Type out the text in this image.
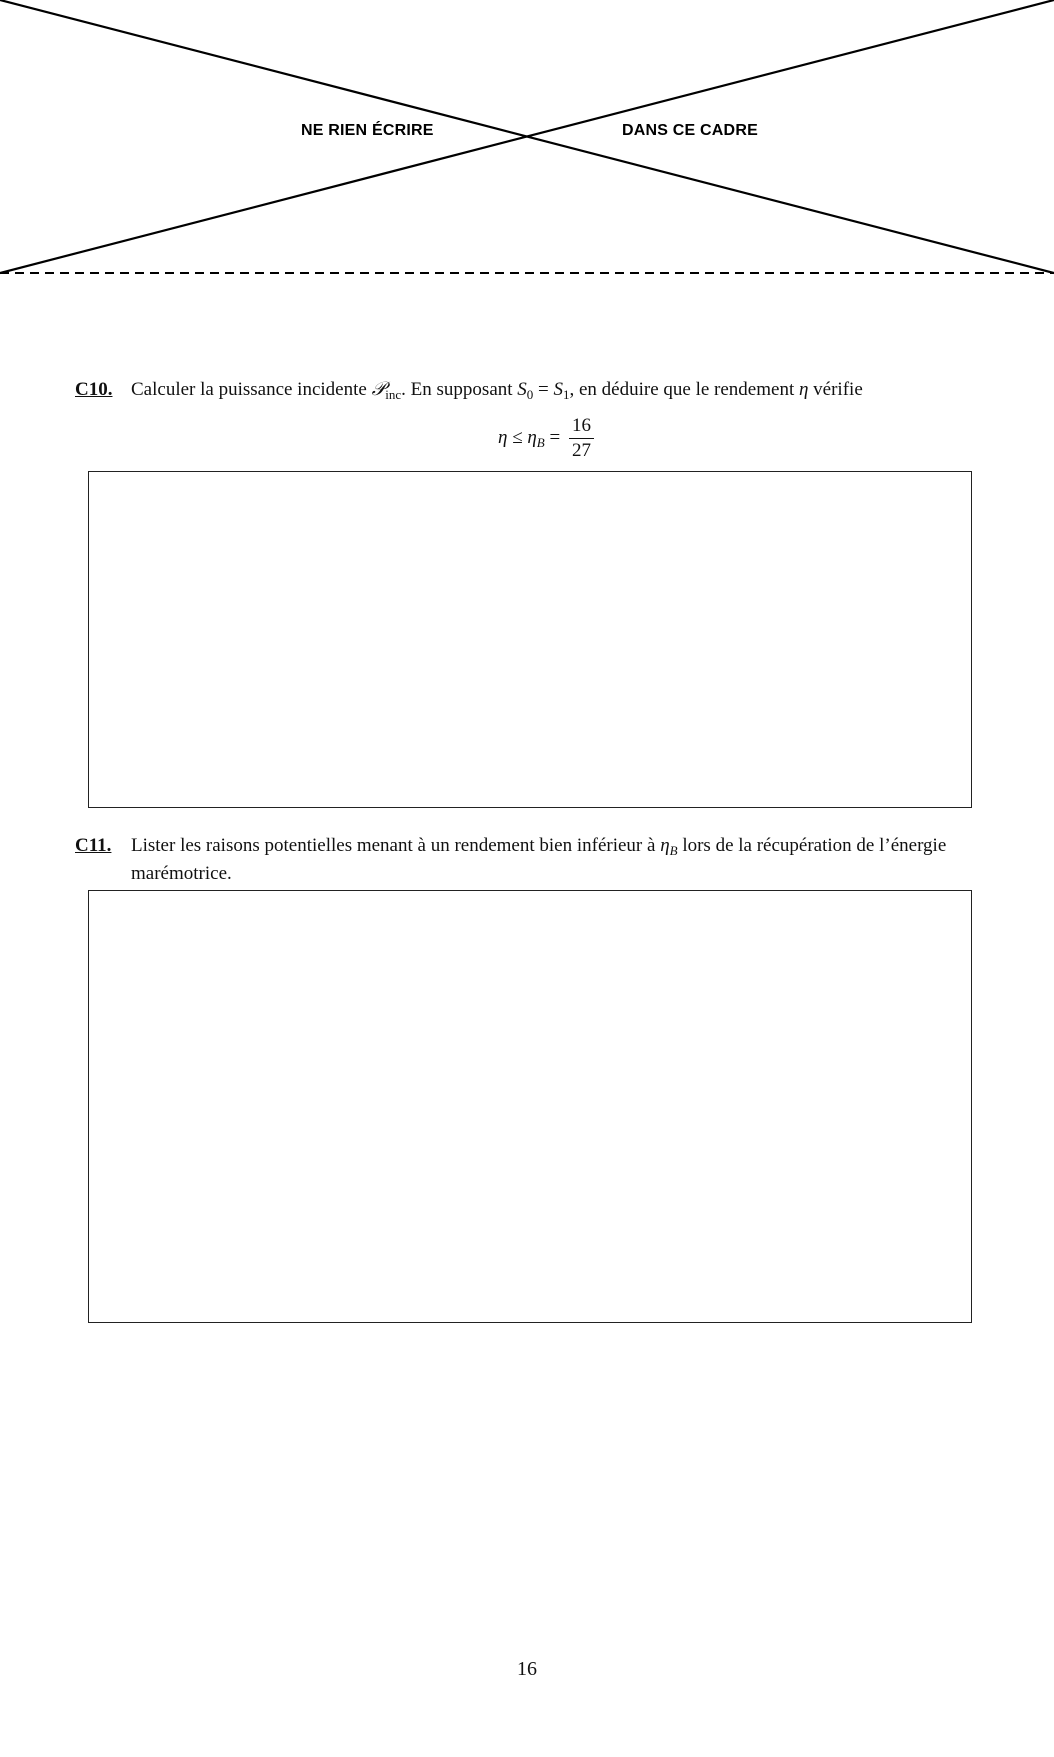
NE RIEN ÉCRIRE	DANS CE CADRE
C10. Calculer la puissance incidente 𝒫$_{inc}$. En supposant $S_0 = S_1$, en déduire que le rendement η vérifie
$\eta \le \eta_B = \frac{16}{27}$
C11.	Lister les raisons potentielles menant à un rendement bien inférieur à $\eta_B$ lors de la récupération de l’énergie marémotrice.
16
